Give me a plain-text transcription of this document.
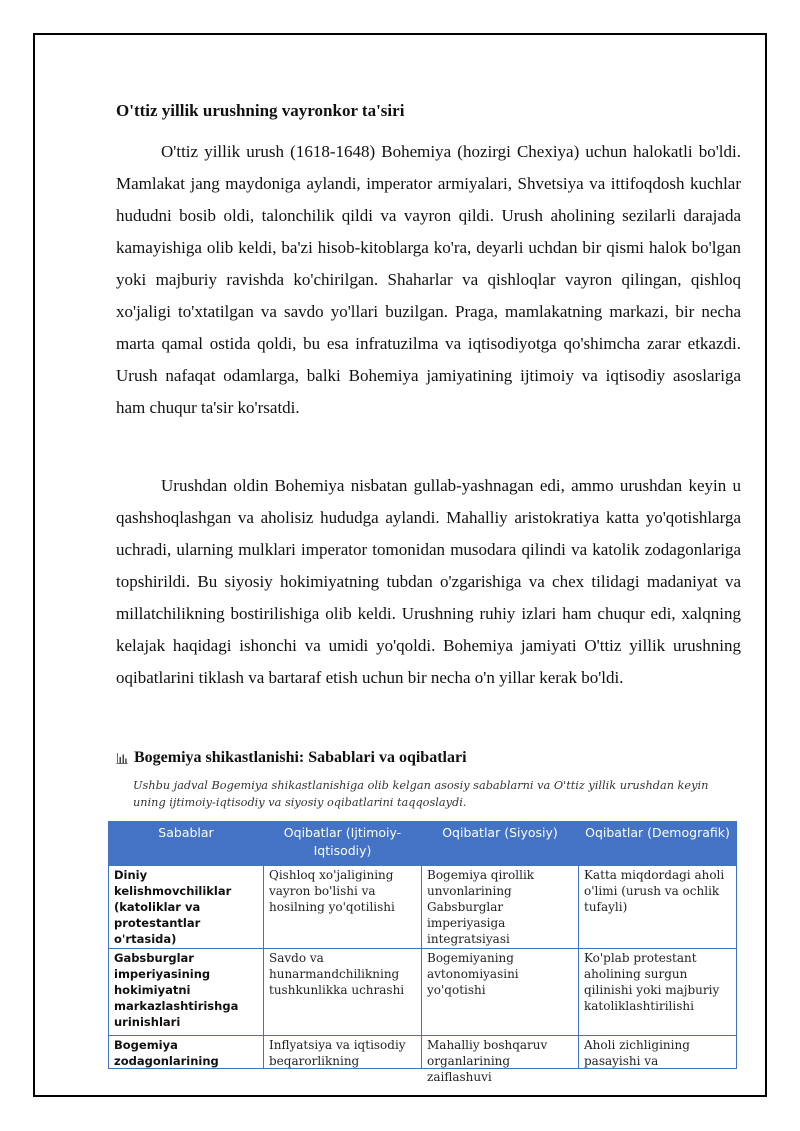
O'ttiz yillik urushning vayronkor ta'siri

O'ttiz yillik urush (1618-1648) Bohemiya (hozirgi Chexiya) uchun halokatli bo'ldi. Mamlakat jang maydoniga aylandi, imperator armiyalari, Shvetsiya va ittifoqdosh kuchlar hududni bosib oldi, talonchilik qildi va vayron qildi. Urush aholining sezilarli darajada kamayishiga olib keldi, ba'zi hisob-kitoblarga ko'ra, deyarli uchdan bir qismi halok bo'lgan yoki majburiy ravishda ko'chirilgan. Shaharlar va qishloqlar vayron qilingan, qishloq xo'jaligi to'xtatilgan va savdo yo'llari buzilgan. Praga, mamlakatning markazi, bir necha marta qamal ostida qoldi, bu esa infratuzilma va iqtisodiyotga qo'shimcha zarar etkazdi. Urush nafaqat odamlarga, balki Bohemiya jamiyatining ijtimoiy va iqtisodiy asoslariga ham chuqur ta'sir ko'rsatdi.

Urushdan oldin Bohemiya nisbatan gullab-yashnagan edi, ammo urushdan keyin u qashshoqlashgan va aholisiz hududga aylandi. Mahalliy aristokratiya katta yo'qotishlarga uchradi, ularning mulklari imperator tomonidan musodara qilindi va katolik zodagonlariga topshirildi. Bu siyosiy hokimiyatning tubdan o'zgarishiga va chex tilidagi madaniyat va millatchilikning bostirilishiga olib keldi. Urushning ruhiy izlari ham chuqur edi, xalqning kelajak haqidagi ishonchi va umidi yo'qoldi. Bohemiya jamiyati O'ttiz yillik urushning oqibatlarini tiklash va bartaraf etish uchun bir necha o'n yillar kerak bo'ldi.

Bogemiya shikastlanishi: Sabablari va oqibatlari
Ushbu jadval Bogemiya shikastlanishiga olib kelgan asosiy sabablarni va O'ttiz yillik urushdan keyin uning ijtimoiy-iqtisodiy va siyosiy oqibatlarini taqqoslaydi.
Sabablar	Oqibatlar (Ijtimoiy-Iqtisodiy)	Oqibatlar (Siyosiy)	Oqibatlar (Demografik)
Diniy kelishmovchiliklar (katoliklar va protestantlar o'rtasida)	Qishloq xo'jaligining vayron bo'lishi va hosilning yo'qotilishi	Bogemiya qirollik unvonlarining Gabsburglar imperiyasiga integratsiyasi	Katta miqdordagi aholi o'limi (urush va ochlik tufayli)
Gabsburglar imperiyasining hokimiyatni markazlashtirishga urinishlari	Savdo va hunarmandchilikning tushkunlikka uchrashi	Bogemiyaning avtonomiyasini yo'qotishi	Ko'plab protestant aholining surgun qilinishi yoki majburiy katoliklashtirilishi

Bogemiya zodagonlarining	Inflyatsiya va iqtisodiy beqarorlikning	Mahalliy boshqaruv organlarining zaiflashuvi	Aholi zichligining pasayishi va
